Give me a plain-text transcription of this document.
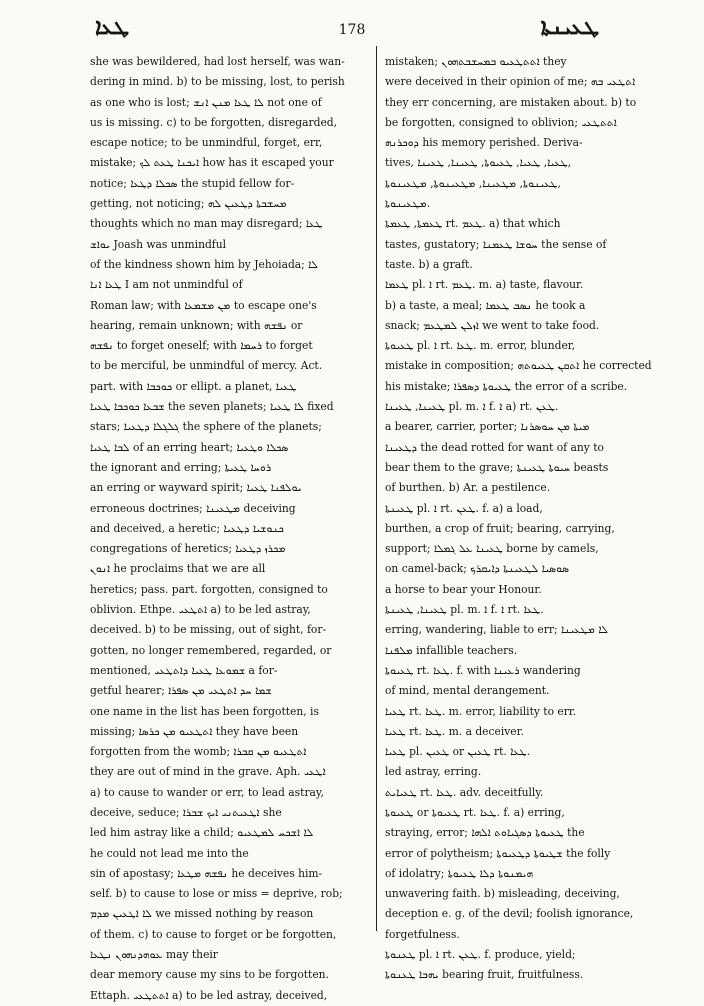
ܛܥܐ	178	ܛܥܝܢܬܐ
she was bewildered, had lost herself, was wan-
dering in mind. b) to be missing, lost, to perish
as one who is lost; ܠܐ ܛܥܐ ܡܢܢ ܐܢܫ not one of
us is missing. c) to be forgotten, disregarded,
escape notice; to be unmindful, forget, err,
mistake; ܐܝܟܢܐ ܛܥܬ ܠܟ how has it escaped your
notice; ܣܟܠܐ ܕܛܥܐ the stupid fellow for-
getting, not noticing; ܡܚܫܒܬܐ ܕܛܥܝܢ ܠܗ
thoughts which no man may disregard; ܛܥܐ
ܝܘܐܫ Joash was unmindful
of the kindness shown him by Jehoiada; ܠܐ
ܛܥܐ ܐܢܐ I am not unmindful of
Roman law; with ܡܢ ܡܫܡܥܐ to escape one's
hearing, remain unknown; with ܢܦܫܗ or
ܢܦܫܗ to forget oneself; with ܪܚܡܐ to forget
to be merciful, be unmindful of mercy. Act.
part. with ܟܘܟܒܐ or ellipt. a planet, ܛܥܝܐ
ܫܒܥܐ ܟܘܟܒܐ ܛܥܝܐ the seven planets; ܠܐ ܛܥܝܐ fixed
stars; ܓܠܓܠܐ ܕܛܥܝܐ the sphere of the planets;
ܠܒܐ ܛܥܝܐ of an erring heart; ܣܟܠܐ ܘܛܥܝܐ
the ignorant and erring; ܪܘܚܐ ܛܥܝܬܐ
an erring or wayward spirit; ܝܘܠܦܢܐ ܛܥܝܐ
erroneous doctrines; ܡܛܥܝܢܐ deceiving
and deceived, a heretic; ܟܢܘܫܝܐ ܕܛܥܝܐ
congregations of heretics; ܡܟܪܙ ܕܛܥܝܐ
ܐܢܘܢ he proclaims that we are all
heretics; pass. part. forgotten, consigned to
oblivion. Ethpe. ܐܬܛܥܝ a) to be led astray,
deceived. b) to be missing, out of sight, for-
gotten, no longer remembered, regarded, or
mentioned, ܫܡܘܥܐ ܛܥܝܐ ܕܐܬܛܥܝ a for-
getful hearer; ܫܡܐ ܚܕ ܐܬܛܥܝ ܡܢ ܣܦܪܐ
one name in the list has been forgotten, is
missing; ܐܬܛܥܝܘ ܡܢ ܟܪܣܐ they have been
forgotten from the womb; ܐܬܛܥܝܘ ܡܢ ܩܒܪܐ
they are out of mind in the grave. Aph. ܐܛܥܝ
a) to cause to wander or err, to lead astray,
deceive, seduce; ܐܛܥܝܬܢܝ ܐܝܟ ܫܒܪܐ she
led him astray like a child; ܠܐ ܐܫܟܚ ܠܡܛܥܝܘ
he could not lead me into the
sin of apostasy; ܢܦܫܗ ܡܛܥܐ he deceives him-
self. b) to cause to lose or miss = deprive, rob;
ܠܐ ܐܛܥܝܢ ܡܕܡ we missed nothing by reason
of them. c) to cause to forget or be forgotten,
ܥܘܗܕܢܗܘܢ ܢܛܥܐ may their
dear memory cause my sins to be forgotten.
Ettaph. ܐܬܬܛܥܝ a) to be led astray, deceived,
mistaken; ܐܬܬܛܥܝܘ ܒܡܚܫܒܬܗܘܢ they
were deceived in their opinion of me; ܐܬܛܥܝ ܒܗ
they err concerning, are mistaken about. b) to
be forgotten, consigned to oblivion; ܐܬܬܛܥܝ
ܕܘܟܪܢܗ his memory perished. Deriva-
tives, ܛܥܝܐ, ܛܥܝܐ, ܛܥܝܘܬܐ, ܛܥܝܢܐ, ܛܥܝܢܐ,
ܛܥܝܢܘܬܐ, ܡܛܥܝܢܐ, ܡܛܥܝܢܘܬܐ, ܡܛܥܝܢܘܬܐ,
ܡܛܥܝܢܘܬܐ.
ܛܥܡܬܐ, ܛܥܡܬܐ rt. ܛܥܡ. a) that which
tastes, gustatory; ܚܘܫܐ ܛܥܡܢܐ the sense of
taste. b) a graft.
ܛܥܡܐ pl. ܐ rt. ܛܥܡ. m. a) taste, flavour.
b) a taste, a meal; ܢܣܒ ܛܥܡܐ he took a
snack; ܐܙܠܢ ܠܡܛܥܡ we went to take food.
ܛܥܝܘܬܐ pl. ܐ rt. ܛܥܐ. m. error, blunder,
mistake in composition; ܐܬܩܢ ܛܥܝܘܬܗ he corrected
his mistake; ܛܥܝܘܬܐ ܕܣܦܪܐ the error of a scribe.
ܛܥܝܢܐ, ܛܥܝܢܐ pl. m. ܐ f. ܐ a) rt. ܛܥܢ.
a bearer, carrier, porter; ܡܝܬܐ ܡܢ ܚܘܣܪܢܐ
ܕܛܥܝܢܐ the dead rotted for want of any to
bear them to the grave; ܚܝܘܬܐ ܛܥܝܢܬܐ beasts
of burthen. b) Ar. a pestilence.
ܛܥܝܢܬܐ pl. ܐ rt. ܛܥܢ. f. a) a load,
burthen, a crop of fruit; bearing, carrying,
support; ܛܥܝܢܐ ܥܠ ܓܡܠܐ borne by camels,
on camel-back; ܣܘܣܝܐ ܠܛܥܝܢܬܐ ܕܐܝܩܪܟ
a horse to bear your Honour.
ܛܥܝܢܐ, ܛܥܝܢܬܐ pl. m. ܐ f. ܐ rt. ܛܥܐ.
erring, wandering, liable to err; ܠܐ ܡܛܥܝܢܐ
ܡܠܦܢܐ infallible teachers.
ܛܥܝܘܬܐ rt. ܛܥܐ. f. with ܪܥܝܢܐ wandering
of mind, mental derangement.
ܛܥܝܐ rt. ܛܥܐ. m. error, liability to err.
ܛܥܝܐ rt. ܛܥܐ. m. a deceiver.
ܛܥܝܐ pl. ܛܥܝܢ or ܛܥܝܢ rt. ܛܥܐ.
led astray, erring.
ܛܥܝܐܝܬ rt. ܛܥܐ. adv. deceitfully.
ܛܥܝܘܬܐ or ܛܥܝܘܬܐ rt. ܛܥܐ. f. a) erring,
straying, error; ܛܥܝܘܬܐ ܕܣܓܝܐܘܬ ܐܠܗܐ the
error of polytheism; ܫܛܝܘܬܐ ܕܛܥܝܘܬܐ the folly
of idolatry; ܗܝܡܢܘܬܐ ܕܠܐ ܛܥܝܘܬܐ
unwavering faith. b) misleading, deceiving,
deception e. g. of the devil; foolish ignorance,
forgetfulness.
ܛܥܢܘܬܐ pl. ܐ rt. ܛܥܢ. f. produce, yield;
ܝܗܒܐ ܛܥܢܘܬܐ bearing fruit, fruitfulness.
